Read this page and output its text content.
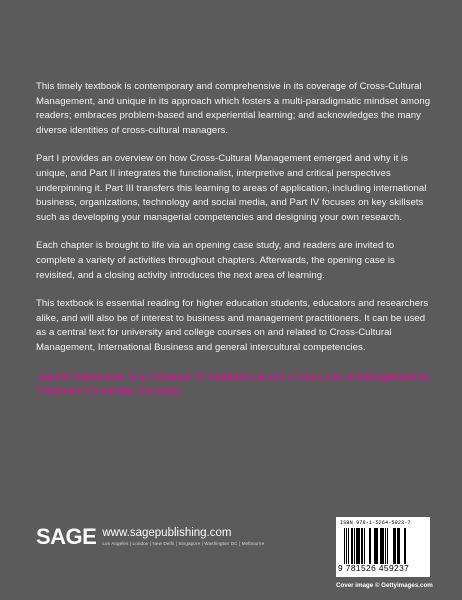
This timely textbook is contemporary and comprehensive in its coverage of Cross-Cultural Management, and unique in its approach which fosters a multi-paradigmatic mindset among readers; embraces problem-based and experiential learning; and acknowledges the many diverse identities of cross-cultural managers.

Part I provides an overview on how Cross-Cultural Management emerged and why it is unique, and Part II integrates the functionalist, interpretive and critical perspectives underpinning it. Part III transfers this learning to areas of application, including international business, organizations, technology and social media, and Part IV focuses on key skillsets such as developing your managerial competencies and designing your own research.

Each chapter is brought to life via an opening case study, and readers are invited to complete a variety of activities throughout chapters. Afterwards, the opening case is revisited, and a closing activity introduces the next area of learning.

This textbook is essential reading for higher education students, educators and researchers alike, and will also be of interest to business and management practitioners. It can be used as a central text for university and college courses on and related to Cross-Cultural Management, International Business and general intercultural competencies.

Jasmin Mahadevan is a Professor of International and Cross-Cultural Management at Pforzheim University, Germany.

SAGE www.sagepublishing.com
Los Angeles | London | New Delhi | Singapore | Washington DC | Melbourne
ISBN 978-1-5264-5923-7
9 781526 459237
Cover image © Gettyimages.com
